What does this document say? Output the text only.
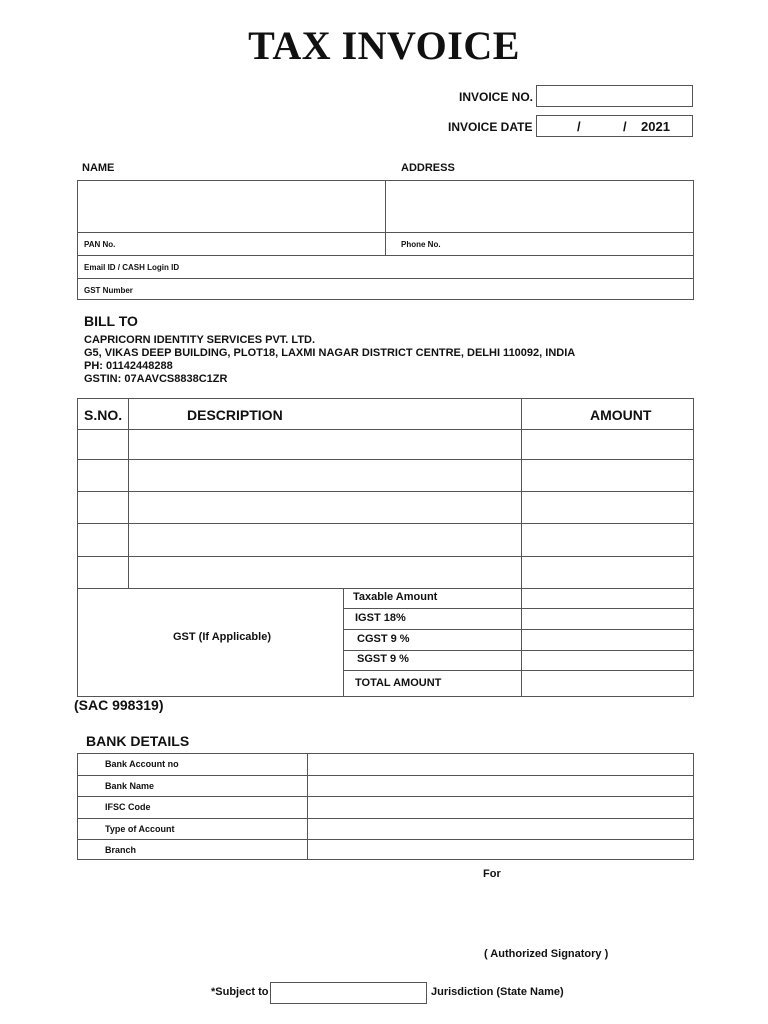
TAX INVOICE
INVOICE NO.
INVOICE DATE	/	/ 2021
NAME	ADDRESS
PAN No.	Phone No.
Email ID / CASH Login ID
GST Number
BILL TO
CAPRICORN IDENTITY SERVICES PVT. LTD.
G5, VIKAS DEEP BUILDING, PLOT18, LAXMI NAGAR DISTRICT CENTRE, DELHI 110092, INDIA
PH: 01142448288
GSTIN: 07AAVCS8838C1ZR
S.NO.	DESCRIPTION	AMOUNT
GST (If Applicable)
Taxable Amount
IGST 18%
CGST 9 %
SGST 9 %
TOTAL AMOUNT
(SAC 998319)
BANK DETAILS
Bank Account no
Bank Name
IFSC Code
Type of Account
Branch
For
( Authorized Signatory )
*Subject to	Jurisdiction (State Name)
